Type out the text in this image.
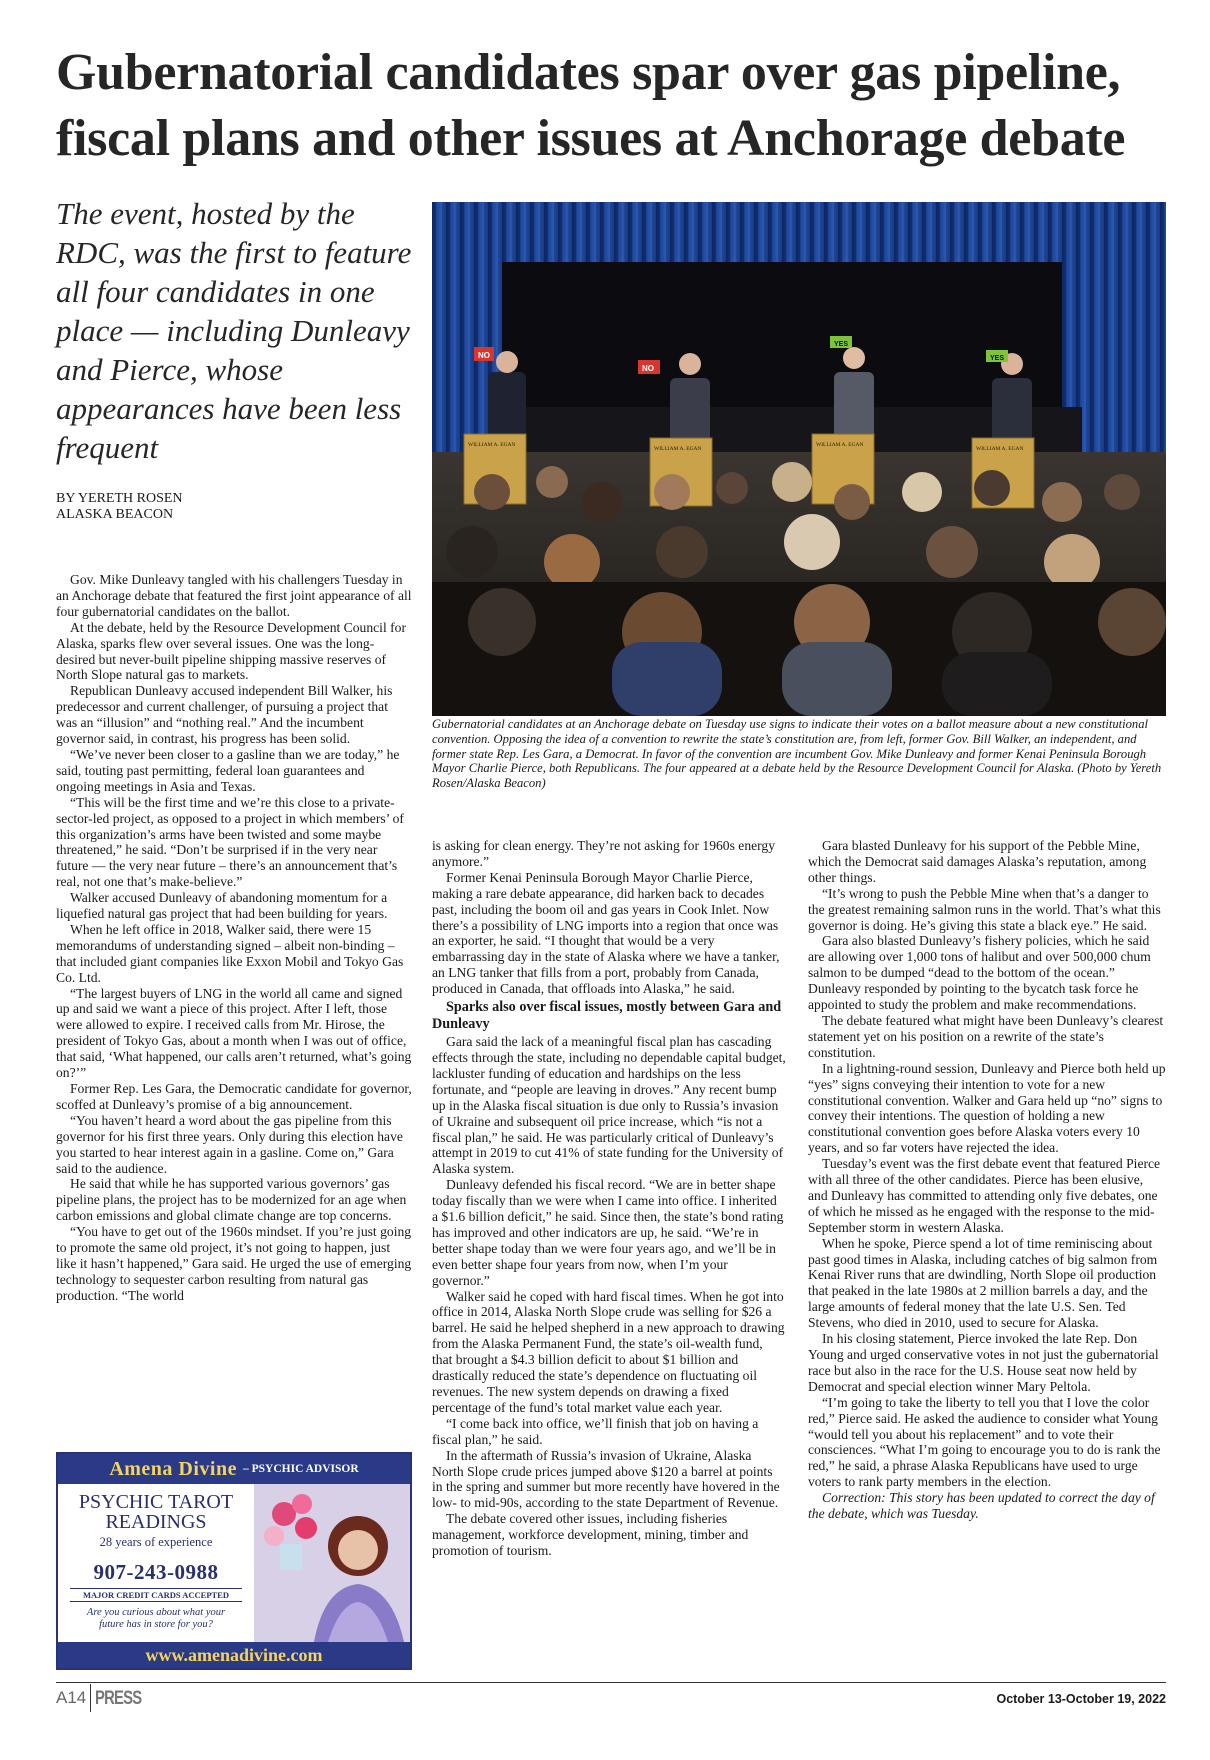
Gubernatorial candidates spar over gas pipeline, fiscal plans and other issues at Anchorage debate
The event, hosted by the RDC, was the first to feature all four candidates in one place — including Dunleavy and Pierce, whose appearances have been less frequent
BY YERETH ROSEN
ALASKA BEACON
NO
NO
YES
YES
WILLIAM A. EGAN
WILLIAM A. EGAN
WILLIAM A. EGAN
WILLIAM A. EGAN
Gubernatorial candidates at an Anchorage debate on Tuesday use signs to indicate their votes on a ballot measure about a new constitutional convention. Opposing the idea of a convention to rewrite the state’s constitution are, from left, former Gov. Bill Walker, an independent, and former state Rep. Les Gara, a Democrat. In favor of the convention are incumbent Gov. Mike Dunleavy and former Kenai Peninsula Borough Mayor Charlie Pierce, both Republicans. The four appeared at a debate held by the Resource Development Council for Alaska. (Photo by Yereth Rosen/Alaska Beacon)

Gov. Mike Dunleavy tangled with his challengers Tuesday in an Anchorage debate that featured the first joint appearance of all four gubernatorial candidates on the ballot.

At the debate, held by the Resource Development Council for Alaska, sparks flew over several issues. One was the long-desired but never-built pipeline shipping massive reserves of North Slope natural gas to markets.

Republican Dunleavy accused independent Bill Walker, his predecessor and current challenger, of pursuing a project that was an “illusion” and “nothing real.” And the incumbent governor said, in contrast, his progress has been solid.

“We’ve never been closer to a gasline than we are today,” he said, touting past permitting, federal loan guarantees and ongoing meetings in Asia and Texas.

“This will be the first time and we’re this close to a private-sector-led project, as opposed to a project in which members’ of this organization’s arms have been twisted and some maybe threatened,” he said. “Don’t be surprised if in the very near future — the very near future – there’s an announcement that’s real, not one that’s make-believe.”

Walker accused Dunleavy of abandoning momentum for a liquefied natural gas project that had been building for years.

When he left office in 2018, Walker said, there were 15 memorandums of understanding signed – albeit non-binding – that included giant companies like Exxon Mobil and Tokyo Gas Co. Ltd.

“The largest buyers of LNG in the world all came and signed up and said we want a piece of this project. After I left, those were allowed to expire. I received calls from Mr. Hirose, the president of Tokyo Gas, about a month when I was out of office, that said, ‘What happened, our calls aren’t returned, what’s going on?’”

Former Rep. Les Gara, the Democratic candidate for governor, scoffed at Dunleavy’s promise of a big announcement.

“You haven’t heard a word about the gas pipeline from this governor for his first three years. Only during this election have you started to hear interest again in a gasline. Come on,” Gara said to the audience.

He said that while he has supported various governors’ gas pipeline plans, the project has to be modernized for an age when carbon emissions and global climate change are top concerns.

“You have to get out of the 1960s mindset. If you’re just going to promote the same old project, it’s not going to happen, just like it hasn’t happened,” Gara said. He urged the use of emerging technology to sequester carbon resulting from natural gas production. “The world

is asking for clean energy. They’re not asking for 1960s energy anymore.”

Former Kenai Peninsula Borough Mayor Charlie Pierce, making a rare debate appearance, did harken back to decades past, including the boom oil and gas years in Cook Inlet. Now there’s a possibility of LNG imports into a region that once was an exporter, he said. “I thought that would be a very embarrassing day in the state of Alaska where we have a tanker, an LNG tanker that fills from a port, probably from Canada, produced in Canada, that offloads into Alaska,” he said.

Sparks also over fiscal issues, mostly between Gara and Dunleavy

Gara said the lack of a meaningful fiscal plan has cascading effects through the state, including no dependable capital budget, lackluster funding of education and hardships on the less fortunate, and “people are leaving in droves.” Any recent bump up in the Alaska fiscal situation is due only to Russia’s invasion of Ukraine and subsequent oil price increase, which “is not a fiscal plan,” he said. He was particularly critical of Dunleavy’s attempt in 2019 to cut 41% of state funding for the University of Alaska system.

Dunleavy defended his fiscal record. “We are in better shape today fiscally than we were when I came into office. I inherited a $1.6 billion deficit,” he said. Since then, the state’s bond rating has improved and other indicators are up, he said. “We’re in better shape today than we were four years ago, and we’ll be in even better shape four years from now, when I’m your governor.”

Walker said he coped with hard fiscal times. When he got into office in 2014, Alaska North Slope crude was selling for $26 a barrel. He said he helped shepherd in a new approach to drawing from the Alaska Permanent Fund, the state’s oil-wealth fund, that brought a $4.3 billion deficit to about $1 billion and drastically reduced the state’s dependence on fluctuating oil revenues. The new system depends on drawing a fixed percentage of the fund’s total market value each year.

“I come back into office, we’ll finish that job on having a fiscal plan,” he said.

In the aftermath of Russia’s invasion of Ukraine, Alaska North Slope crude prices jumped above $120 a barrel at points in the spring and summer but more recently have hovered in the low- to mid-90s, according to the state Department of Revenue.

The debate covered other issues, including fisheries management, workforce development, mining, timber and promotion of tourism.

Gara blasted Dunleavy for his support of the Pebble Mine, which the Democrat said damages Alaska’s reputation, among other things.

“It’s wrong to push the Pebble Mine when that’s a danger to the greatest remaining salmon runs in the world. That’s what this governor is doing. He’s giving this state a black eye.” He said.

Gara also blasted Dunleavy’s fishery policies, which he said are allowing over 1,000 tons of halibut and over 500,000 chum salmon to be dumped “dead to the bottom of the ocean.” Dunleavy responded by pointing to the bycatch task force he appointed to study the problem and make recommendations.

The debate featured what might have been Dunleavy’s clearest statement yet on his position on a rewrite of the state’s constitution.

In a lightning-round session, Dunleavy and Pierce both held up “yes” signs conveying their intention to vote for a new constitutional convention. Walker and Gara held up “no” signs to convey their intentions. The question of holding a new constitutional convention goes before Alaska voters every 10 years, and so far voters have rejected the idea.

Tuesday’s event was the first debate event that featured Pierce with all three of the other candidates. Pierce has been elusive, and Dunleavy has committed to attending only five debates, one of which he missed as he engaged with the response to the mid-September storm in western Alaska.

When he spoke, Pierce spend a lot of time reminiscing about past good times in Alaska, including catches of big salmon from Kenai River runs that are dwindling, North Slope oil production that peaked in the late 1980s at 2 million barrels a day, and the large amounts of federal money that the late U.S. Sen. Ted Stevens, who died in 2010, used to secure for Alaska.

In his closing statement, Pierce invoked the late Rep. Don Young and urged conservative votes in not just the gubernatorial race but also in the race for the U.S. House seat now held by Democrat and special election winner Mary Peltola.

“I’m going to take the liberty to tell you that I love the color red,” Pierce said. He asked the audience to consider what Young “would tell you about his replacement” and to vote their consciences. “What I’m going to encourage you to do is rank the red,” he said, a phrase Alaska Republicans have used to urge voters to rank party members in the election.

Correction: This story has been updated to correct the day of the debate, which was Tuesday.

Amena Divine – PSYCHIC ADVISOR
PSYCHIC TAROT
READINGS
28 years of experience
907-243-0988
MAJOR CREDIT CARDS ACCEPTED
Are you curious about what your
future has in store for you?
www.amenadivine.com
A14 PRESS	October 13-October 19, 2022
